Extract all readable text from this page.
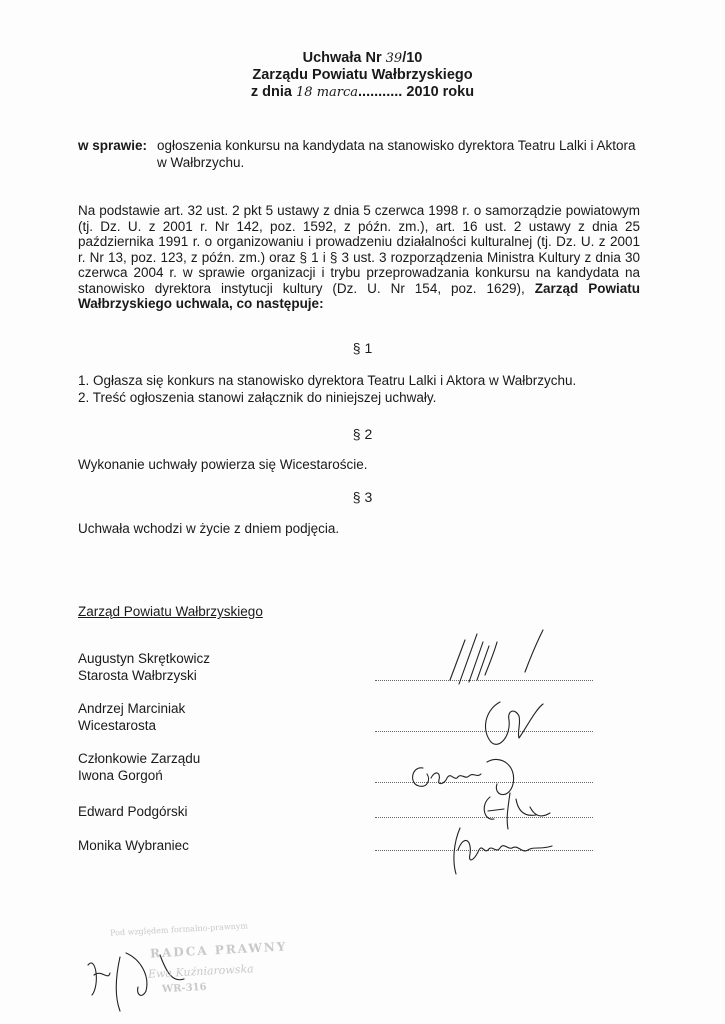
Uchwała Nr 39/10
Zarządu Powiatu Wałbrzyskiego
z dnia 18 marca........... 2010 roku
w sprawie: ogłoszenia konkursu na kandydata na stanowisko dyrektora Teatru Lalki i Aktora w Wałbrzychu.
Na podstawie art. 32 ust. 2 pkt 5 ustawy z dnia 5 czerwca 1998 r. o samorządzie powiatowym (tj. Dz. U. z 2001 r. Nr 142, poz. 1592, z późn. zm.), art. 16 ust. 2 ustawy z dnia 25 października 1991 r. o organizowaniu i prowadzeniu działalności kulturalnej (tj. Dz. U. z 2001 r. Nr 13, poz. 123, z późn. zm.) oraz § 1 i § 3 ust. 3 rozporządzenia Ministra Kultury z dnia 30 czerwca 2004 r. w sprawie organizacji i trybu przeprowadzania konkursu na kandydata na stanowisko dyrektora instytucji kultury (Dz. U. Nr 154, poz. 1629), Zarząd Powiatu Wałbrzyskiego uchwala, co następuje:
§ 1
1. Ogłasza się konkurs na stanowisko dyrektora Teatru Lalki i Aktora w Wałbrzychu.
2. Treść ogłoszenia stanowi załącznik do niniejszej uchwały.
§ 2
Wykonanie uchwały powierza się Wicestaroście.
§ 3
Uchwała wchodzi w życie z dniem podjęcia.
Zarząd Powiatu Wałbrzyskiego
Augustyn Skrętkowicz
Starosta Wałbrzyski
Andrzej Marciniak
Wicestarosta
Członkowie Zarządu
Iwona Gorgoń
Edward Podgórski
Monika Wybraniec
Pod względem formalno-prawnym
RADCA PRAWNY
Ewa Kuźniarowska
WR-316
